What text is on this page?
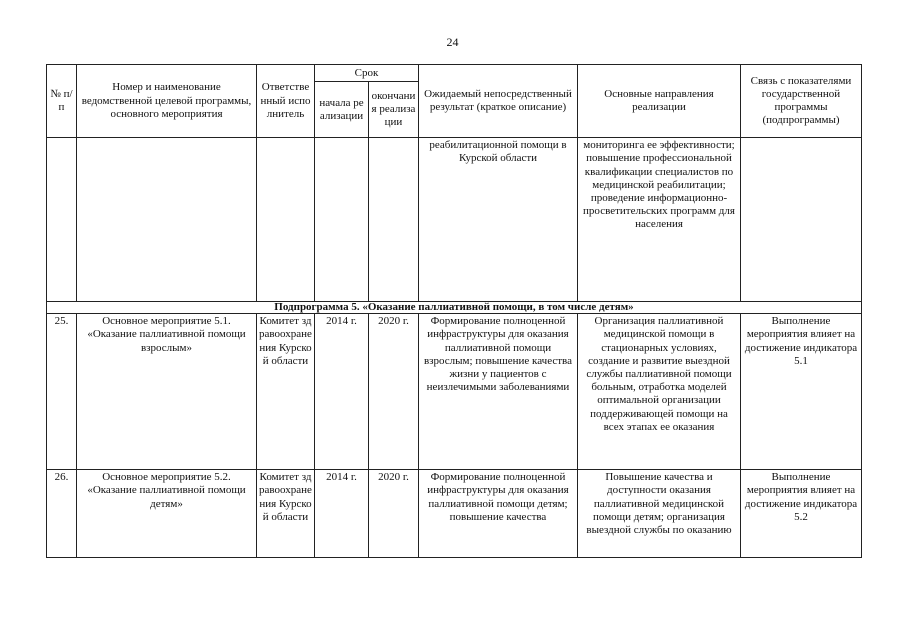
24
№ п/п	Номер и наименование ведомственной целевой программы, основного мероприятия	Ответственный исполнитель	Срок		Ожидаемый непосредственный результат (краткое описание)	Основные направления реализации	Связь с показателями государственной программы (подпрограммы)
			начала реализации	окончания реализации			
					реабилитационной помощи в Курской области	мониторинга ее эффективности; повышение профессиональной квалификации специалистов по медицинской реабилитации; проведение информационно-просветительских программ для населения	
Подпрограмма 5. «Оказание паллиативной помощи, в том числе детям»							
25.	Основное мероприятие 5.1. «Оказание паллиативной помощи взрослым»	Комитет здравоохранения Курской области	2014 г.	2020 г.	Формирование полноценной инфраструктуры для оказания паллиативной помощи взрослым; повышение качества жизни у пациентов с неизлечимыми заболеваниями	Организация паллиативной медицинской помощи в стационарных условиях, создание и развитие выездной службы паллиативной помощи больным, отработка моделей оптимальной организации поддерживающей помощи на всех этапах ее оказания	Выполнение мероприятия влияет на достижение индикатора 5.1
26.	Основное мероприятие 5.2. «Оказание паллиативной помощи детям»	Комитет здравоохранения Курской области	2014 г.	2020 г.	Формирование полноценной инфраструктуры для оказания паллиативной помощи детям; повышение качества	Повышение качества и доступности оказания паллиативной медицинской помощи детям; организация выездной службы по оказанию	Выполнение мероприятия влияет на достижение индикатора 5.2
